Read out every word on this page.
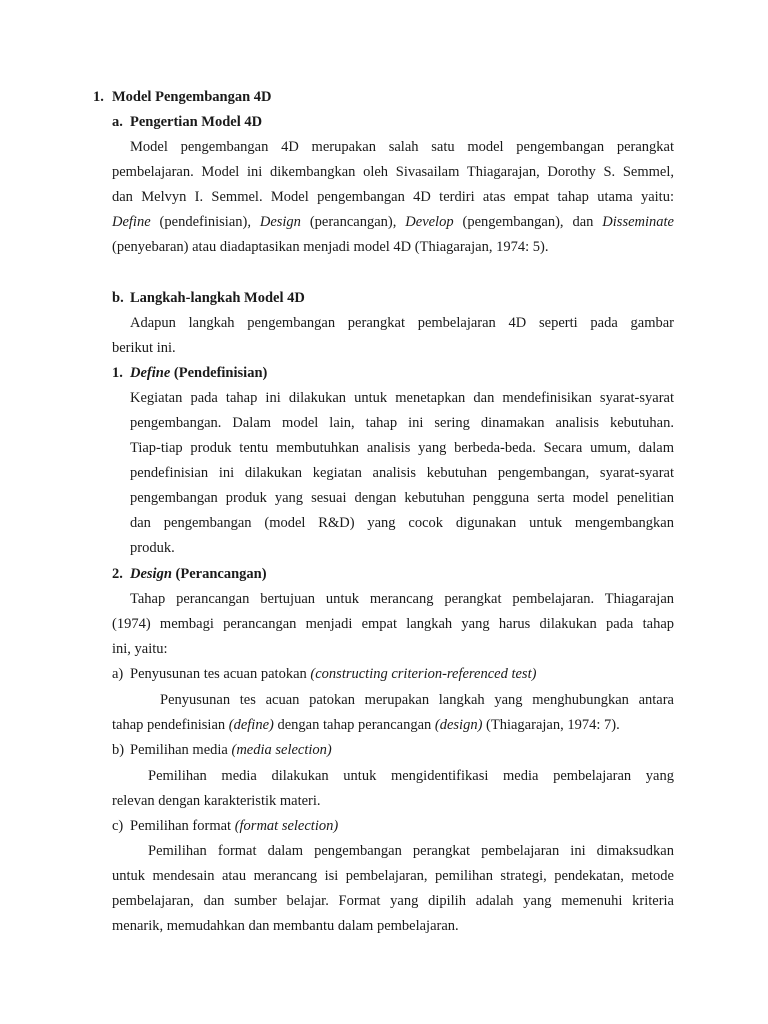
1. Model Pengembangan 4D
a. Pengertian Model 4D
Model pengembangan 4D merupakan salah satu model pengembangan perangkat
pembelajaran. Model ini dikembangkan oleh Sivasailam Thiagarajan, Dorothy S. Semmel,
dan Melvyn I. Semmel. Model pengembangan 4D terdiri atas empat tahap utama yaitu:
Define (pendefinisian), Design (perancangan), Develop (pengembangan), dan Disseminate
(penyebaran) atau diadaptasikan menjadi model 4D (Thiagarajan, 1974: 5).
b. Langkah-langkah Model 4D
Adapun langkah pengembangan perangkat pembelajaran 4D seperti pada gambar
berikut ini.
1. Define (Pendefinisian)
Kegiatan pada tahap ini dilakukan untuk menetapkan dan mendefinisikan syarat-syarat
pengembangan. Dalam model lain, tahap ini sering dinamakan analisis kebutuhan.
Tiap-tiap produk tentu membutuhkan analisis yang berbeda-beda. Secara umum, dalam
pendefinisian ini dilakukan kegiatan analisis kebutuhan pengembangan, syarat-syarat
pengembangan produk yang sesuai dengan kebutuhan pengguna serta model penelitian
dan pengembangan (model R&D) yang cocok digunakan untuk mengembangkan
produk.
2. Design (Perancangan)
Tahap perancangan bertujuan untuk merancang perangkat pembelajaran. Thiagarajan
(1974) membagi perancangan menjadi empat langkah yang harus dilakukan pada tahap
ini, yaitu:
a) Penyusunan tes acuan patokan (constructing criterion-referenced test)
Penyusunan tes acuan patokan merupakan langkah yang menghubungkan antara
tahap pendefinisian (define) dengan tahap perancangan (design) (Thiagarajan, 1974: 7).
b) Pemilihan media (media selection)
Pemilihan media dilakukan untuk mengidentifikasi media pembelajaran yang
relevan dengan karakteristik materi.
c) Pemilihan format (format selection)
Pemilihan format dalam pengembangan perangkat pembelajaran ini dimaksudkan
untuk mendesain atau merancang isi pembelajaran, pemilihan strategi, pendekatan, metode
pembelajaran, dan sumber belajar. Format yang dipilih adalah yang memenuhi kriteria
menarik, memudahkan dan membantu dalam pembelajaran.
